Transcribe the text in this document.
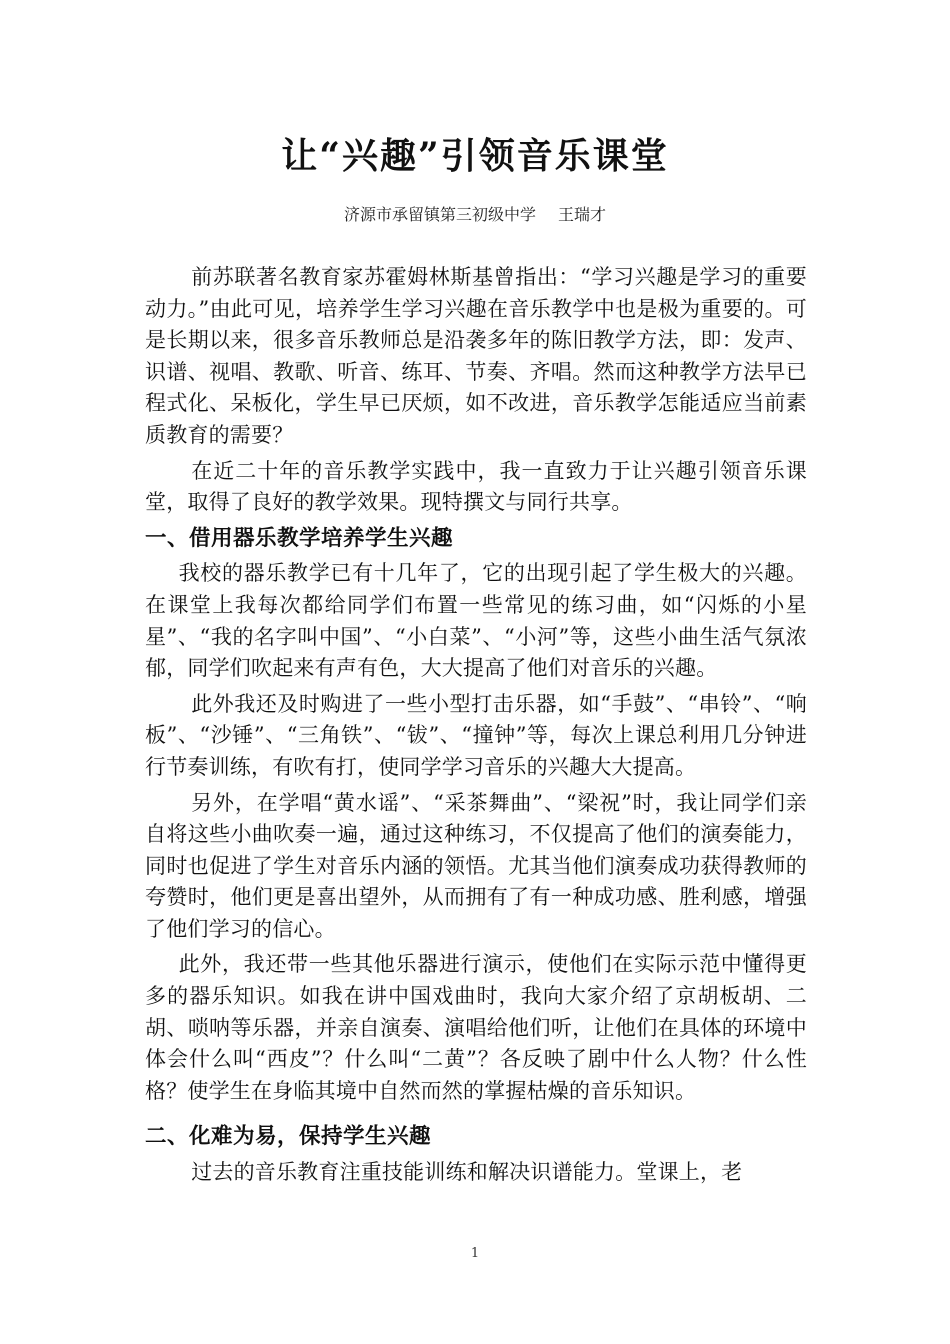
让“兴趣”引领音乐课堂
济源市承留镇第三初级中学 王瑞才

前苏联著名教育家苏霍姆林斯基曾指出：“学习兴趣是学习的重要动力。”由此可见，培养学生学习兴趣在音乐教学中也是极为重要的。可是长期以来，很多音乐教师总是沿袭多年的陈旧教学方法，即：发声、识谱、视唱、教歌、听音、练耳、节奏、齐唱。然而这种教学方法早已程式化、呆板化，学生早已厌烦，如不改进，音乐教学怎能适应当前素质教育的需要？

在近二十年的音乐教学实践中，我一直致力于让兴趣引领音乐课堂，取得了良好的教学效果。现特撰文与同行共享。

一、借用器乐教学培养学生兴趣

我校的器乐教学已有十几年了，它的出现引起了学生极大的兴趣。在课堂上我每次都给同学们布置一些常见的练习曲，如“闪烁的小星星”、“我的名字叫中国”、“小白菜”、“小河”等，这些小曲生活气氛浓郁，同学们吹起来有声有色，大大提高了他们对音乐的兴趣。

此外我还及时购进了一些小型打击乐器，如“手鼓”、“串铃”、“响板”、“沙锤”、“三角铁”、“钹”、“撞钟”等，每次上课总利用几分钟进行节奏训练，有吹有打，使同学学习音乐的兴趣大大提高。

另外，在学唱“黄水谣”、“采茶舞曲”、“梁祝”时，我让同学们亲自将这些小曲吹奏一遍，通过这种练习，不仅提高了他们的演奏能力，同时也促进了学生对音乐内涵的领悟。尤其当他们演奏成功获得教师的夸赞时，他们更是喜出望外，从而拥有了有一种成功感、胜利感，增强了他们学习的信心。

此外，我还带一些其他乐器进行演示，使他们在实际示范中懂得更多的器乐知识。如我在讲中国戏曲时，我向大家介绍了京胡板胡、二胡、唢呐等乐器，并亲自演奏、演唱给他们听，让他们在具体的环境中体会什么叫“西皮”？什么叫“二黄”？各反映了剧中什么人物？什么性格？使学生在身临其境中自然而然的掌握枯燥的音乐知识。

二、化难为易，保持学生兴趣

过去的音乐教育注重技能训练和解决识谱能力。堂课上，老

1
